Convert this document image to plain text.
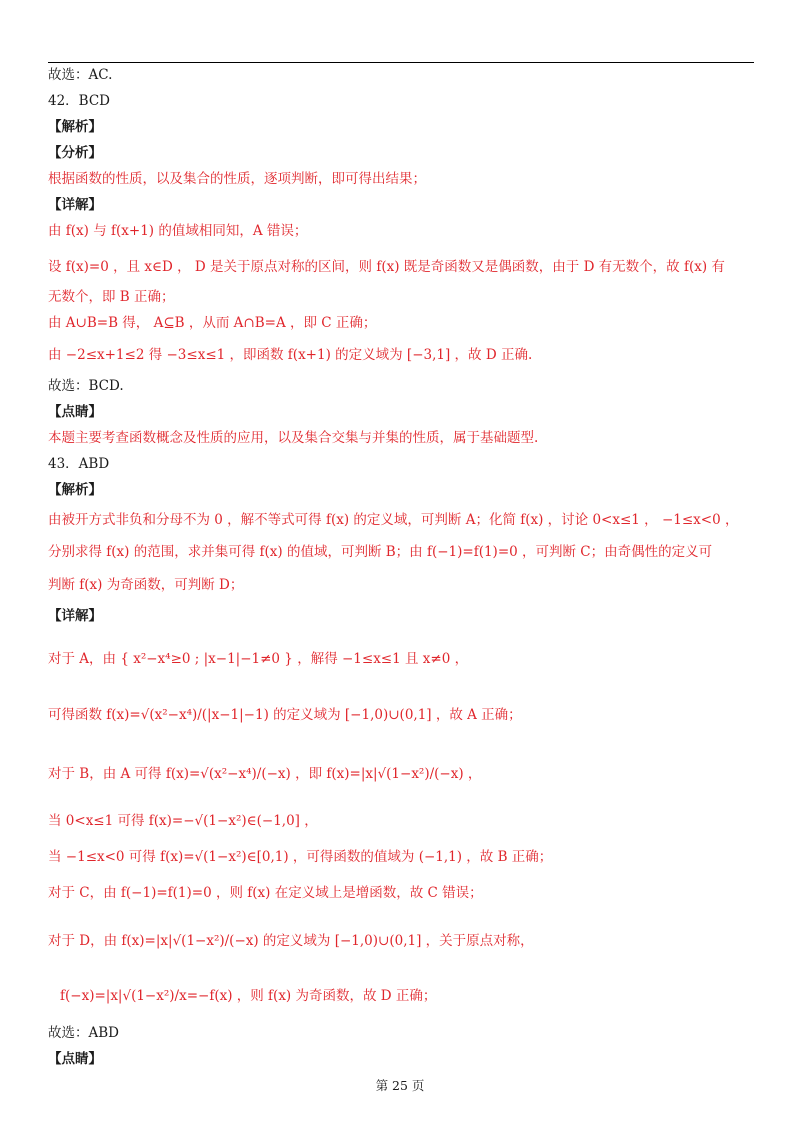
故选：AC.
42．BCD
【解析】
【分析】
根据函数的性质，以及集合的性质，逐项判断，即可得出结果；
【详解】
由 f(x) 与 f(x+1) 的值域相同知，A 错误；
设 f(x)=0 ，且 x∈D ， D 是关于原点对称的区间，则 f(x) 既是奇函数又是偶函数，由于 D 有无数个，故 f(x) 有
无数个，即 B 正确；
由 A∪B=B 得， A⊆B ，从而 A∩B=A ，即 C 正确；
由 −2≤x+1≤2 得 −3≤x≤1 ，即函数 f(x+1) 的定义域为 [−3,1] ，故 D 正确.
故选：BCD.
【点睛】
本题主要考查函数概念及性质的应用，以及集合交集与并集的性质，属于基础题型.
43．ABD
【解析】
由被开方式非负和分母不为 0 ，解不等式可得 f(x) 的定义域，可判断 A；化简 f(x) ，讨论 0<x≤1 ， −1≤x<0 ，
分别求得 f(x) 的范围，求并集可得 f(x) 的值域，可判断 B；由 f(−1)=f(1)=0 ，可判断 C；由奇偶性的定义可
判断 f(x) 为奇函数，可判断 D；
【详解】
对于 A，由 { x²−x⁴≥0 ; |x−1|−1≠0 } ，解得 −1≤x≤1 且 x≠0 ，
可得函数 f(x)=√(x²−x⁴)/(|x−1|−1) 的定义域为 [−1,0)∪(0,1] ，故 A 正确；
对于 B，由 A 可得 f(x)=√(x²−x⁴)/(−x) ，即 f(x)=|x|√(1−x²)/(−x) ，
当 0<x≤1 可得 f(x)=−√(1−x²)∈(−1,0] ，
当 −1≤x<0 可得 f(x)=√(1−x²)∈[0,1) ，可得函数的值域为 (−1,1) ，故 B 正确；
对于 C，由 f(−1)=f(1)=0 ，则 f(x) 在定义域上是增函数，故 C 错误；
对于 D，由 f(x)=|x|√(1−x²)/(−x) 的定义域为 [−1,0)∪(0,1] ，关于原点对称，
f(−x)=|x|√(1−x²)/x=−f(x) ，则 f(x) 为奇函数，故 D 正确；
故选：ABD
【点睛】
第 25 页
